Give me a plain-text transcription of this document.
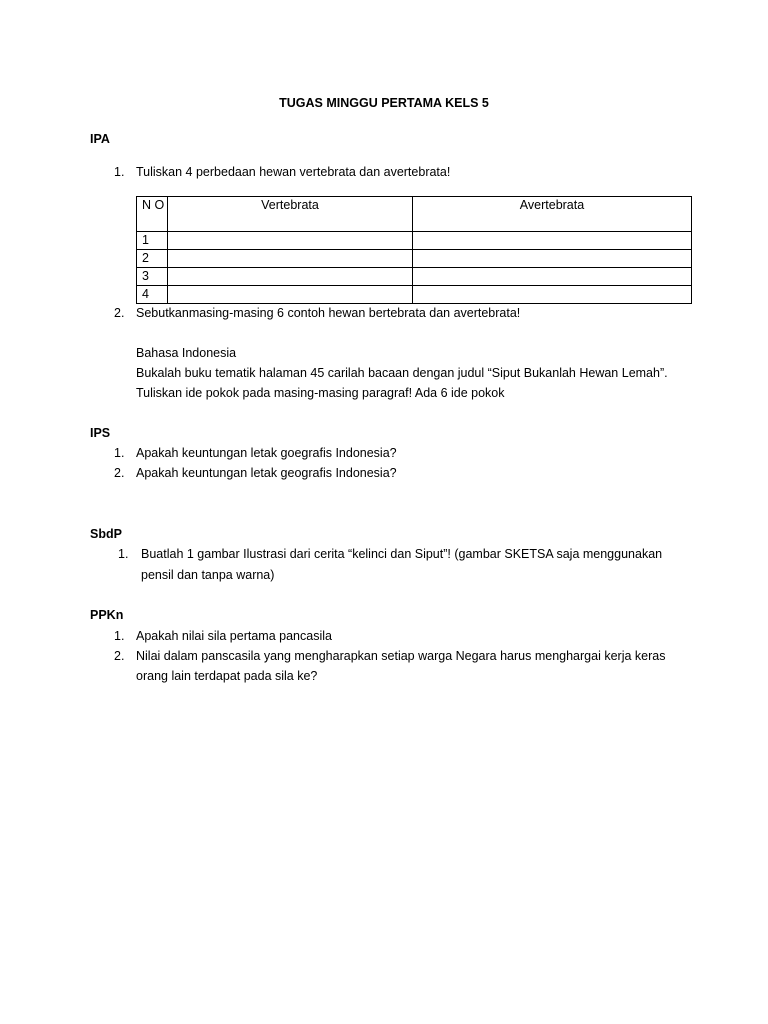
TUGAS MINGGU PERTAMA KELS 5
IPA
1. Tuliskan 4 perbedaan hewan vertebrata dan avertebrata!
N O	Vertebrata	Avertebrata
1		
2		
3		
4		
2. Sebutkanmasing-masing 6 contoh hewan bertebrata dan avertebrata!
Bahasa Indonesia
Bukalah buku tematik halaman 45 carilah bacaan dengan judul “Siput Bukanlah Hewan Lemah”.
Tuliskan ide pokok pada masing-masing paragraf! Ada 6 ide pokok
IPS
1. Apakah keuntungan letak goegrafis Indonesia?
2. Apakah keuntungan letak geografis Indonesia?
SbdP
1. Buatlah 1 gambar Ilustrasi dari cerita “kelinci dan Siput”! (gambar SKETSA saja menggunakan
pensil dan tanpa warna)
PPKn
1. Apakah nilai sila pertama pancasila
2. Nilai dalam panscasila yang mengharapkan setiap warga Negara harus menghargai kerja keras
orang lain terdapat pada sila ke?
